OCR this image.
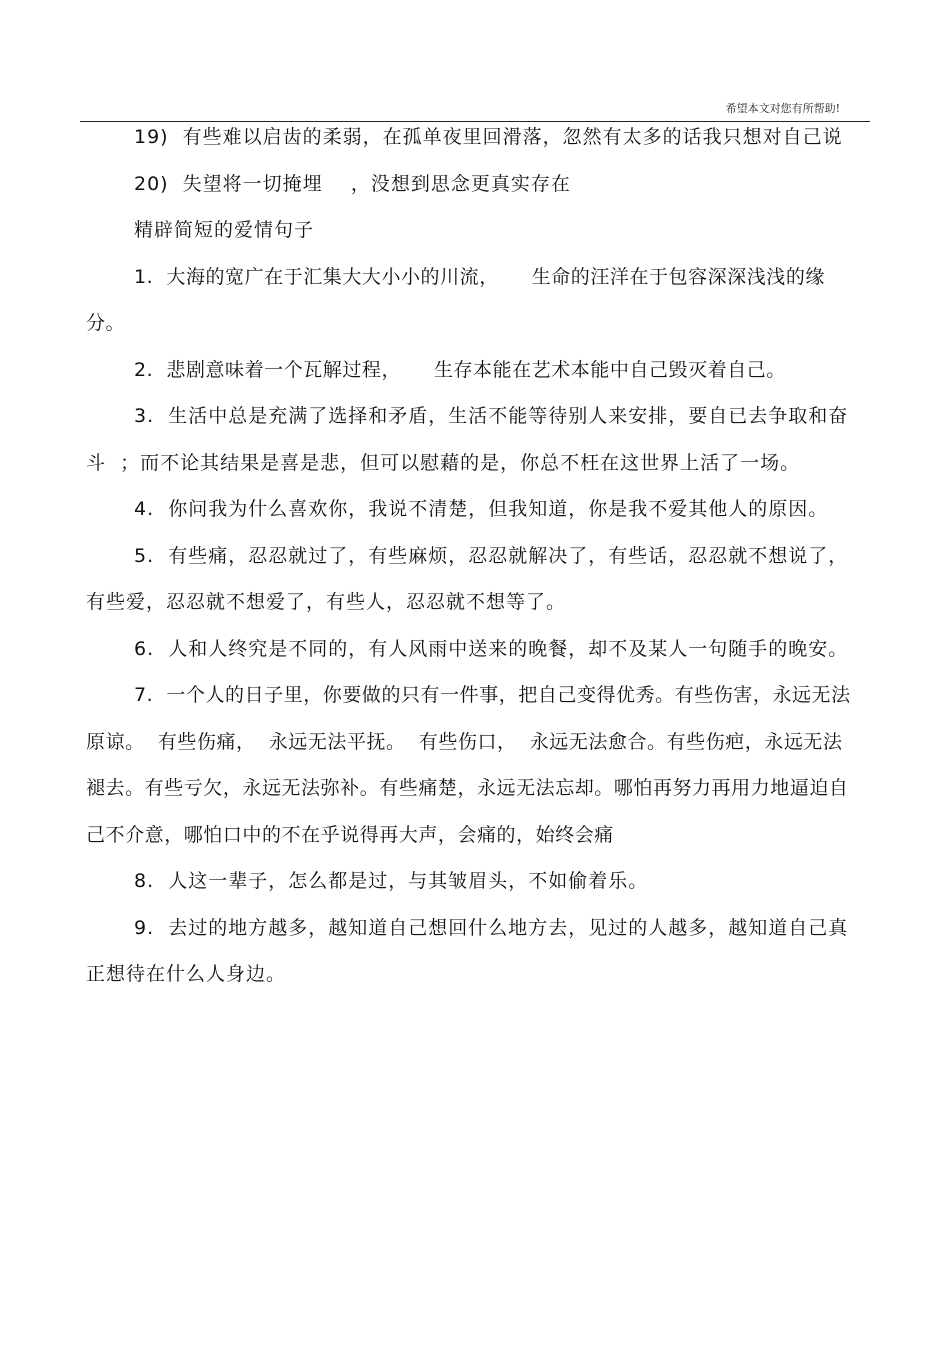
希望本文对您有所帮助!

19)  有些难以启齿的柔弱，在孤单夜里回滑落，忽然有太多的话我只想对自己说

20)  失望将一切掩埋    ，没想到思念更真实存在

精辟简短的爱情句子

1.  大海的宽广在于汇集大大小小的川流，     生命的汪洋在于包容深深浅浅的缘分。

2.  悲剧意味着一个瓦解过程，     生存本能在艺术本能中自己毁灭着自己。

3.  生活中总是充满了选择和矛盾，生活不能等待别人来安排，要自已去争取和奋斗  ；而不论其结果是喜是悲，但可以慰藉的是，你总不枉在这世界上活了一场。

4.  你问我为什么喜欢你，我说不清楚，但我知道，你是我不爱其他人的原因。

5.  有些痛，忍忍就过了，有些麻烦，忍忍就解决了，有些话，忍忍就不想说了，有些爱，忍忍就不想爱了，有些人，忍忍就不想等了。

6.  人和人终究是不同的，有人风雨中送来的晚餐，却不及某人一句随手的晚安。

7.  一个人的日子里，你要做的只有一件事，把自己变得优秀。有些伤害，永远无法原谅。  有些伤痛，  永远无法平抚。  有些伤口，  永远无法愈合。有些伤疤，永远无法褪去。有些亏欠，永远无法弥补。有些痛楚，永远无法忘却。哪怕再努力再用力地逼迫自己不介意，哪怕口中的不在乎说得再大声，会痛的，始终会痛

8.  人这一辈子，怎么都是过，与其皱眉头，不如偷着乐。

9.  去过的地方越多，越知道自己想回什么地方去，见过的人越多，越知道自己真正想待在什么人身边。
